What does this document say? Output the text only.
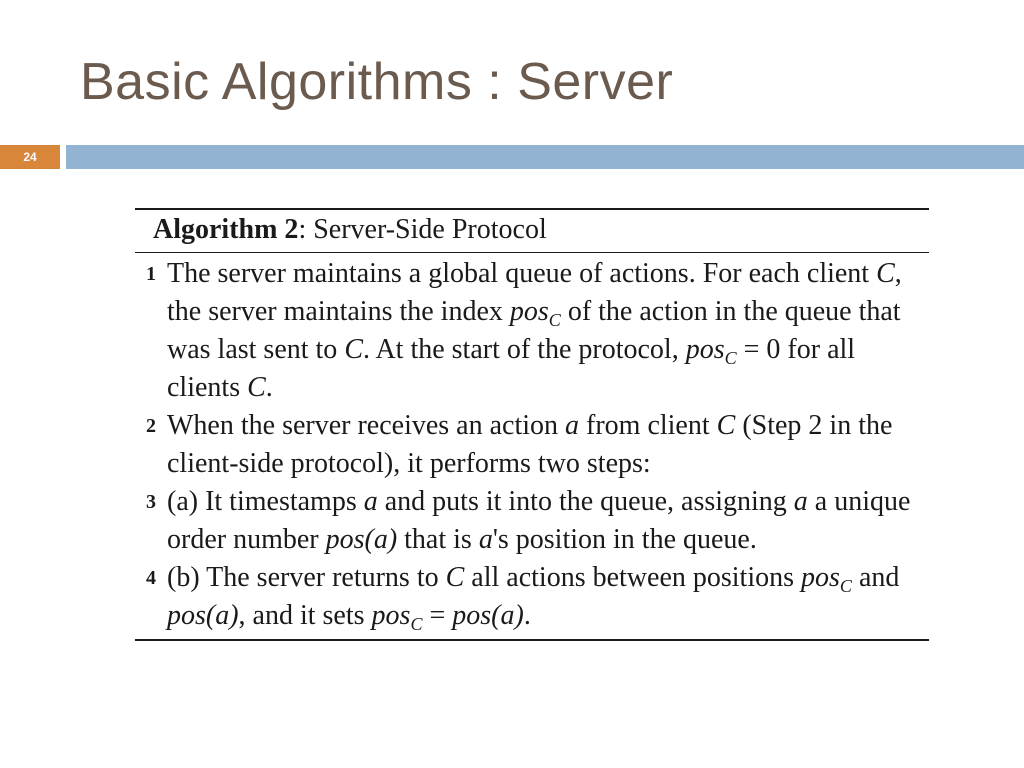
Basic Algorithms : Server
24
Algorithm 2: Server-Side Protocol
1 The server maintains a global queue of actions. For each client C, the server maintains the index pos$_C$ of the action in the queue that was last sent to C. At the start of the protocol, pos$_C$ = 0 for all clients C.
2 When the server receives an action a from client C (Step 2 in the client-side protocol), it performs two steps:
3 (a) It timestamps a and puts it into the queue, assigning a a unique order number pos(a) that is a's position in the queue.
4 (b) The server returns to C all actions between positions pos$_C$ and pos(a), and it sets pos$_C$ = pos(a).
